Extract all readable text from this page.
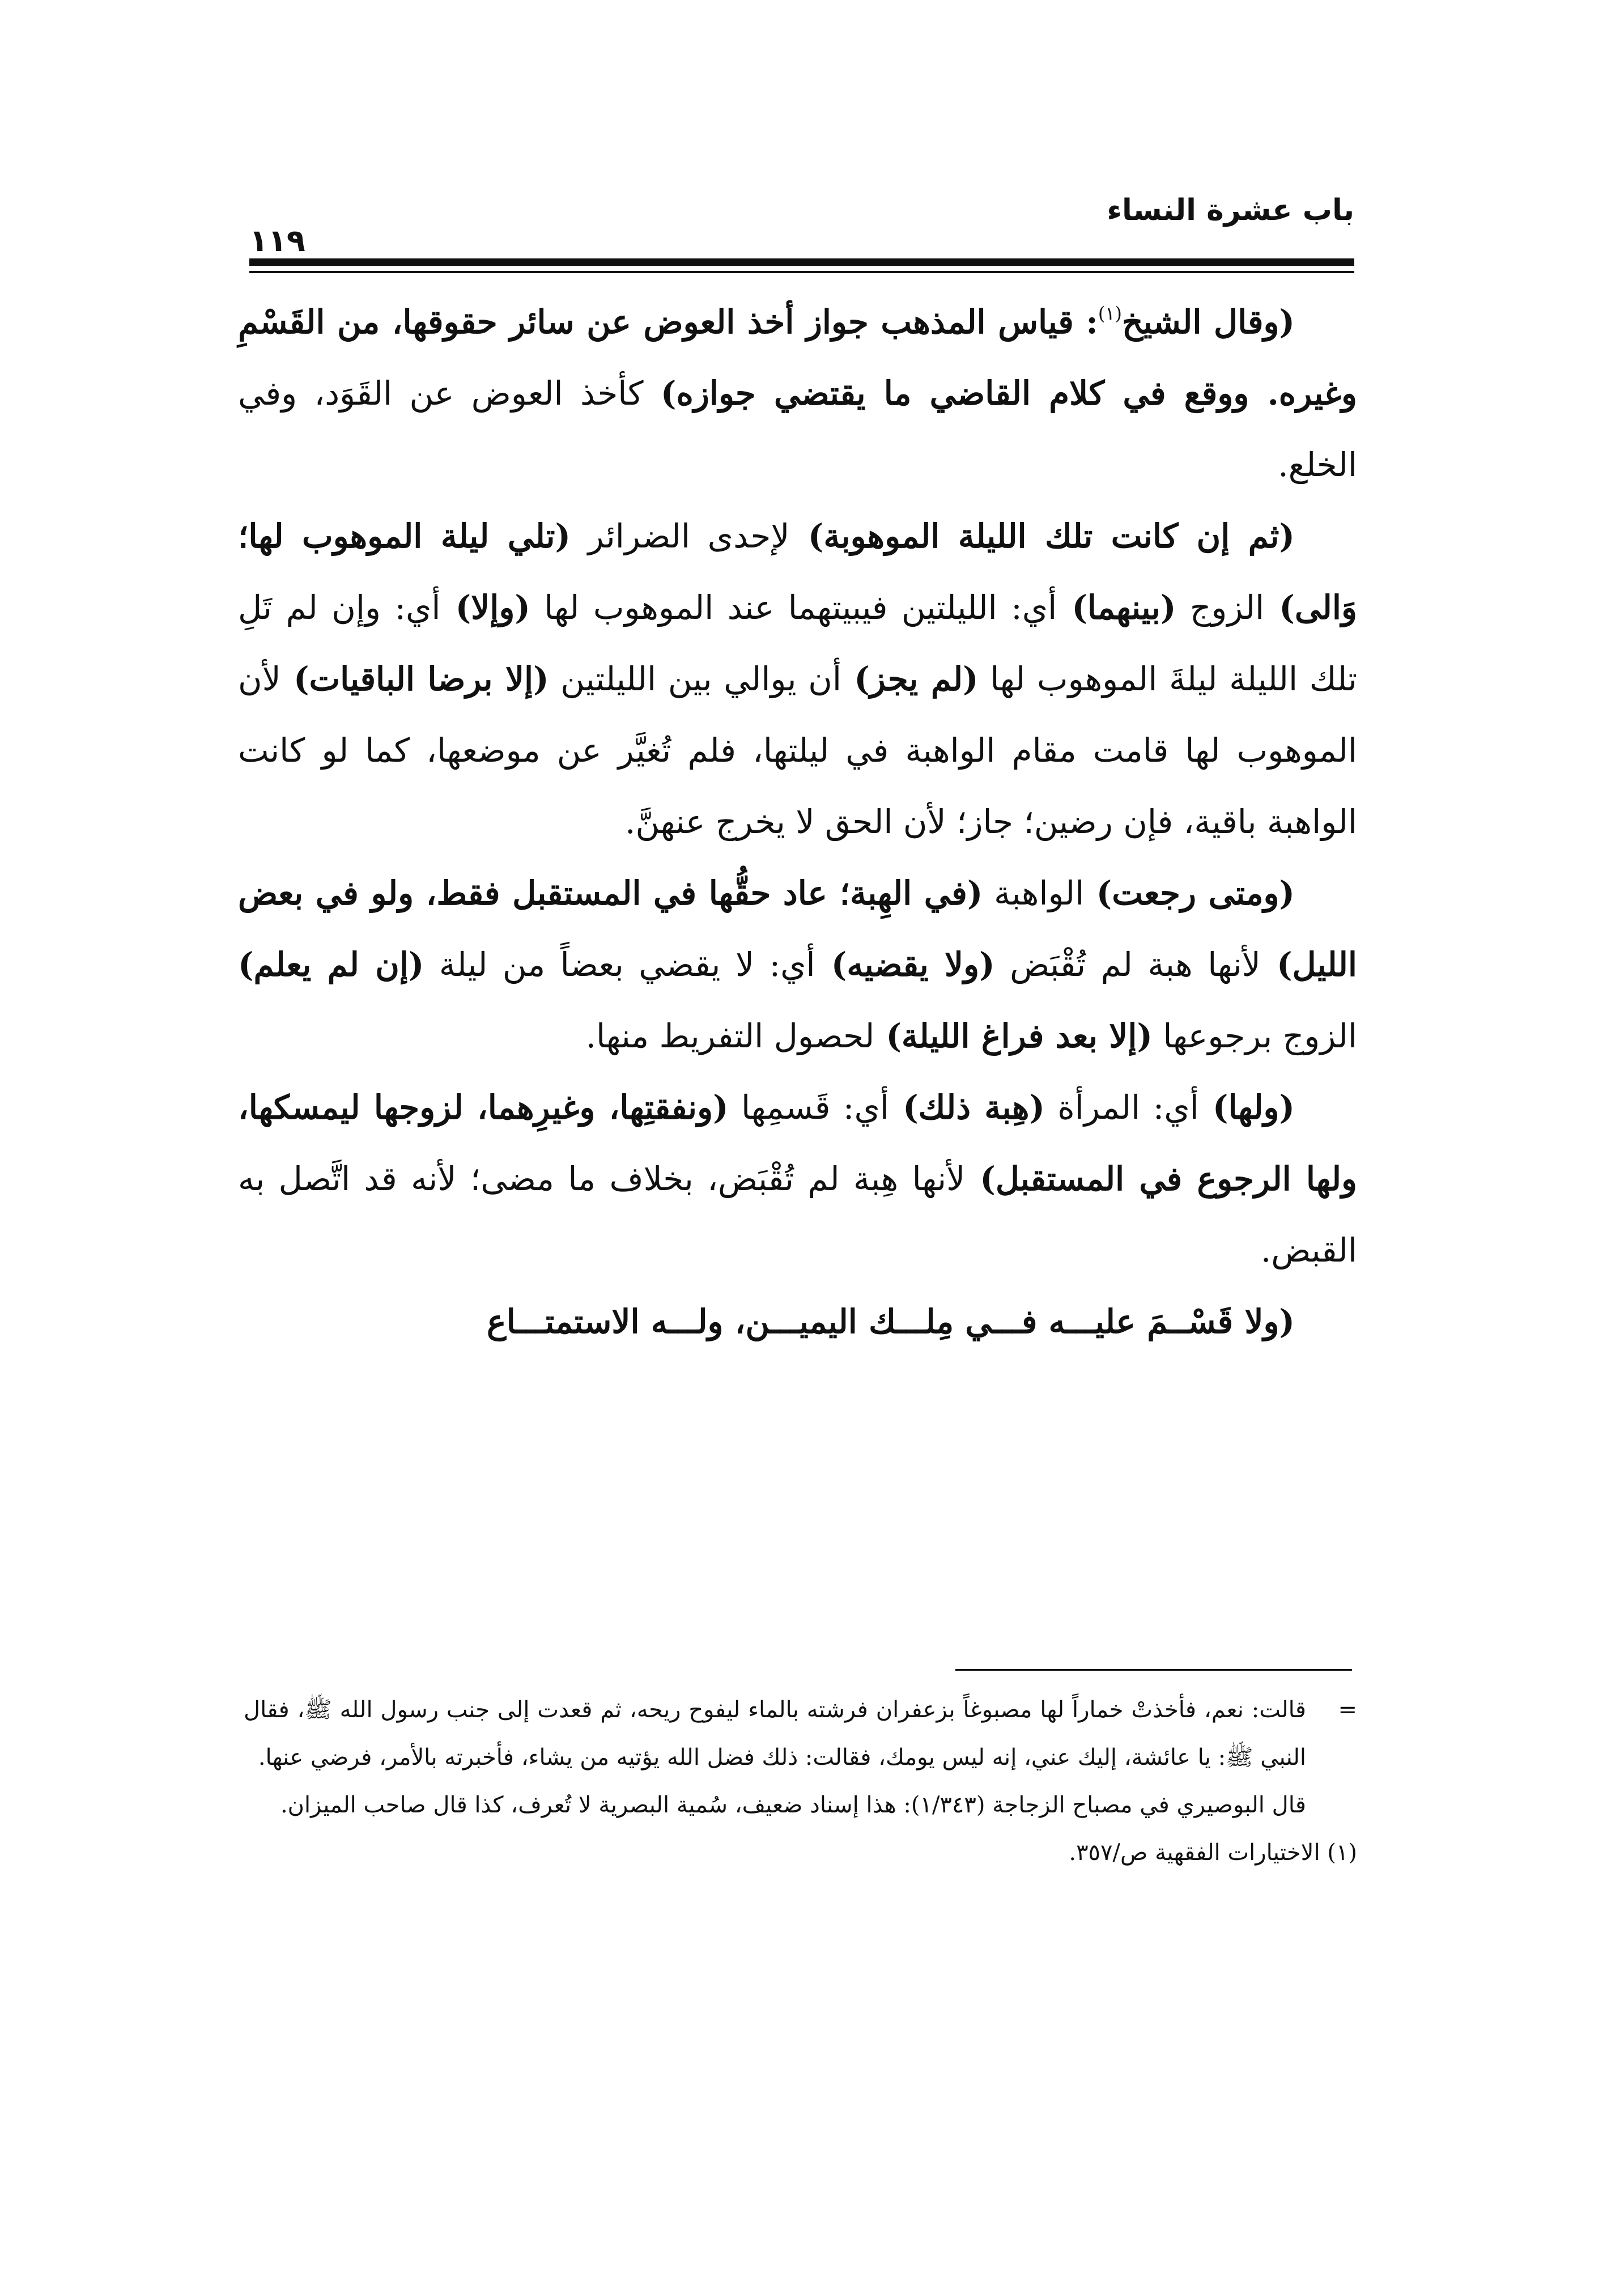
باب عشرة النساء
١١٩

(وقال الشيخ$^{(١)}$: قياس المذهب جواز أخذ العوض عن سائر حقوقها، من القَسْمِ وغيره. ووقع في كلام القاضي ما يقتضي جوازه) كأخذ العوض عن القَوَد، وفي الخلع.

(ثم إن كانت تلك الليلة الموهوبة) لإحدى الضرائر (تلي ليلة الموهوب لها؛ وَالى) الزوج (بينهما) أي: الليلتين فيبيتهما عند الموهوب لها (وإلا) أي: وإن لم تَلِ تلك الليلة ليلةَ الموهوب لها (لم يجز) أن يوالي بين الليلتين (إلا برضا الباقيات) لأن الموهوب لها قامت مقام الواهبة في ليلتها، فلم تُغيَّر عن موضعها، كما لو كانت الواهبة باقية، فإن رضين؛ جاز؛ لأن الحق لا يخرج عنهنَّ.

(ومتى رجعت) الواهبة (في الهِبة؛ عاد حقُّها في المستقبل فقط، ولو في بعض الليل) لأنها هبة لم تُقْبَض (ولا يقضيه) أي: لا يقضي بعضاً من ليلة (إن لم يعلم) الزوج برجوعها (إلا بعد فراغ الليلة) لحصول التفريط منها.

(ولها) أي: المرأة (هِبة ذلك) أي: قَسمِها (ونفقتِها، وغيرِهما، لزوجها ليمسكها، ولها الرجوع في المستقبل) لأنها هِبة لم تُقْبَض، بخلاف ما مضى؛ لأنه قد اتَّصل به القبض.

(ولا قَسْــمَ عليـــه فـــي مِلـــك اليميـــن، ولـــه الاستمتـــاع

=
قالت: نعم، فأخذتْ خماراً لها مصبوغاً بزعفران فرشته بالماء ليفوح ريحه، ثم قعدت إلى جنب رسول الله ﷺ، فقال النبي ﷺ: يا عائشة، إليك عني، إنه ليس يومك، فقالت: ذلك فضل الله يؤتيه من يشاء، فأخبرته بالأمر، فرضي عنها.

قال البوصيري في مصباح الزجاجة (١/٣٤٣): هذا إسناد ضعيف، سُمية البصرية لا تُعرف، كذا قال صاحب الميزان.

(١) الاختيارات الفقهية ص/٣٥٧.
